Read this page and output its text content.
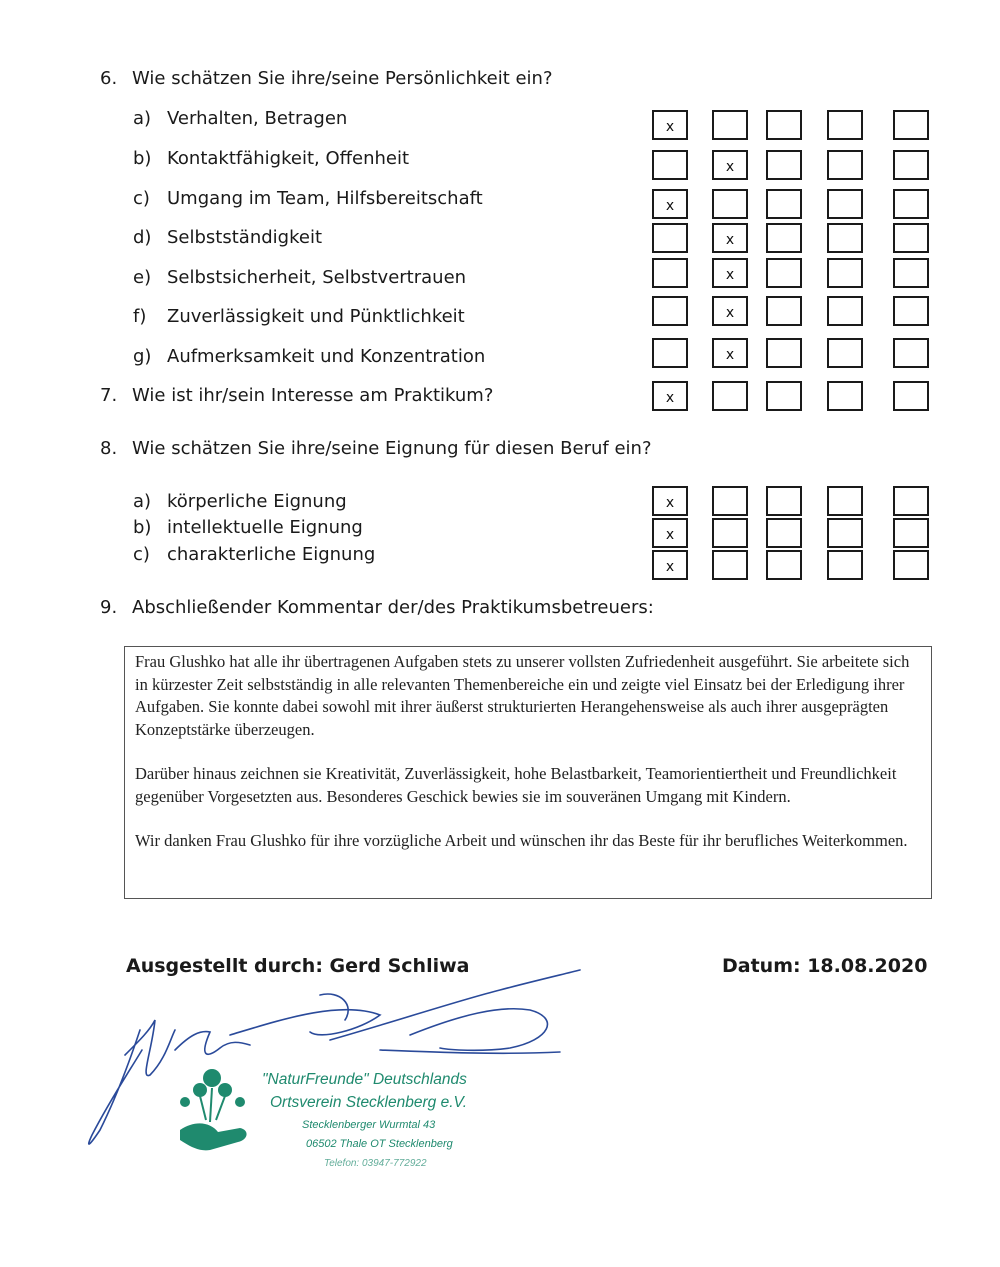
6. Wie schätzen Sie ihre/seine Persönlichkeit ein?
a) Verhalten, Betragen
b) Kontaktfähigkeit, Offenheit
c) Umgang im Team, Hilfsbereitschaft
d) Selbstständigkeit
e) Selbstsicherheit, Selbstvertrauen
f) Zuverlässigkeit und Pünktlichkeit
g) Aufmerksamkeit und Konzentration
x
x
x
x
x
x
x
7. Wie ist ihr/sein Interesse am Praktikum?	x
8. Wie schätzen Sie ihre/seine Eignung für diesen Beruf ein?
a) körperliche Eignung
b) intellektuelle Eignung
c) charakterliche Eignung
x
x
x
9. Abschließender Kommentar der/des Praktikumsbetreuers:

Frau Glushko hat alle ihr übertragenen Aufgaben stets zu unserer vollsten Zufriedenheit ausgeführt. Sie arbeitete sich in kürzester Zeit selbstständig in alle relevanten Themenbereiche ein und zeigte viel Einsatz bei der Erledigung ihrer Aufgaben. Sie konnte dabei sowohl mit ihrer äußerst strukturierten Herangehensweise als auch ihrer ausgeprägten Konzeptstärke überzeugen.

Darüber hinaus zeichnen sie Kreativität, Zuverlässigkeit, hohe Belastbarkeit, Teamorientiertheit und Freundlichkeit gegenüber Vorgesetzten aus. Besonderes Geschick bewies sie im souveränen Umgang mit Kindern.

Wir danken Frau Glushko für ihre vorzügliche Arbeit und wünschen ihr das Beste für ihr berufliches Weiterkommen.

Ausgestellt durch: Gerd Schliwa	Datum: 18.08.2020
"NaturFreunde" Deutschlands
Ortsverein Stecklenberg e.V.
Stecklenberger Wurmtal 43
06502 Thale OT Stecklenberg
Telefon: 03947-772922
